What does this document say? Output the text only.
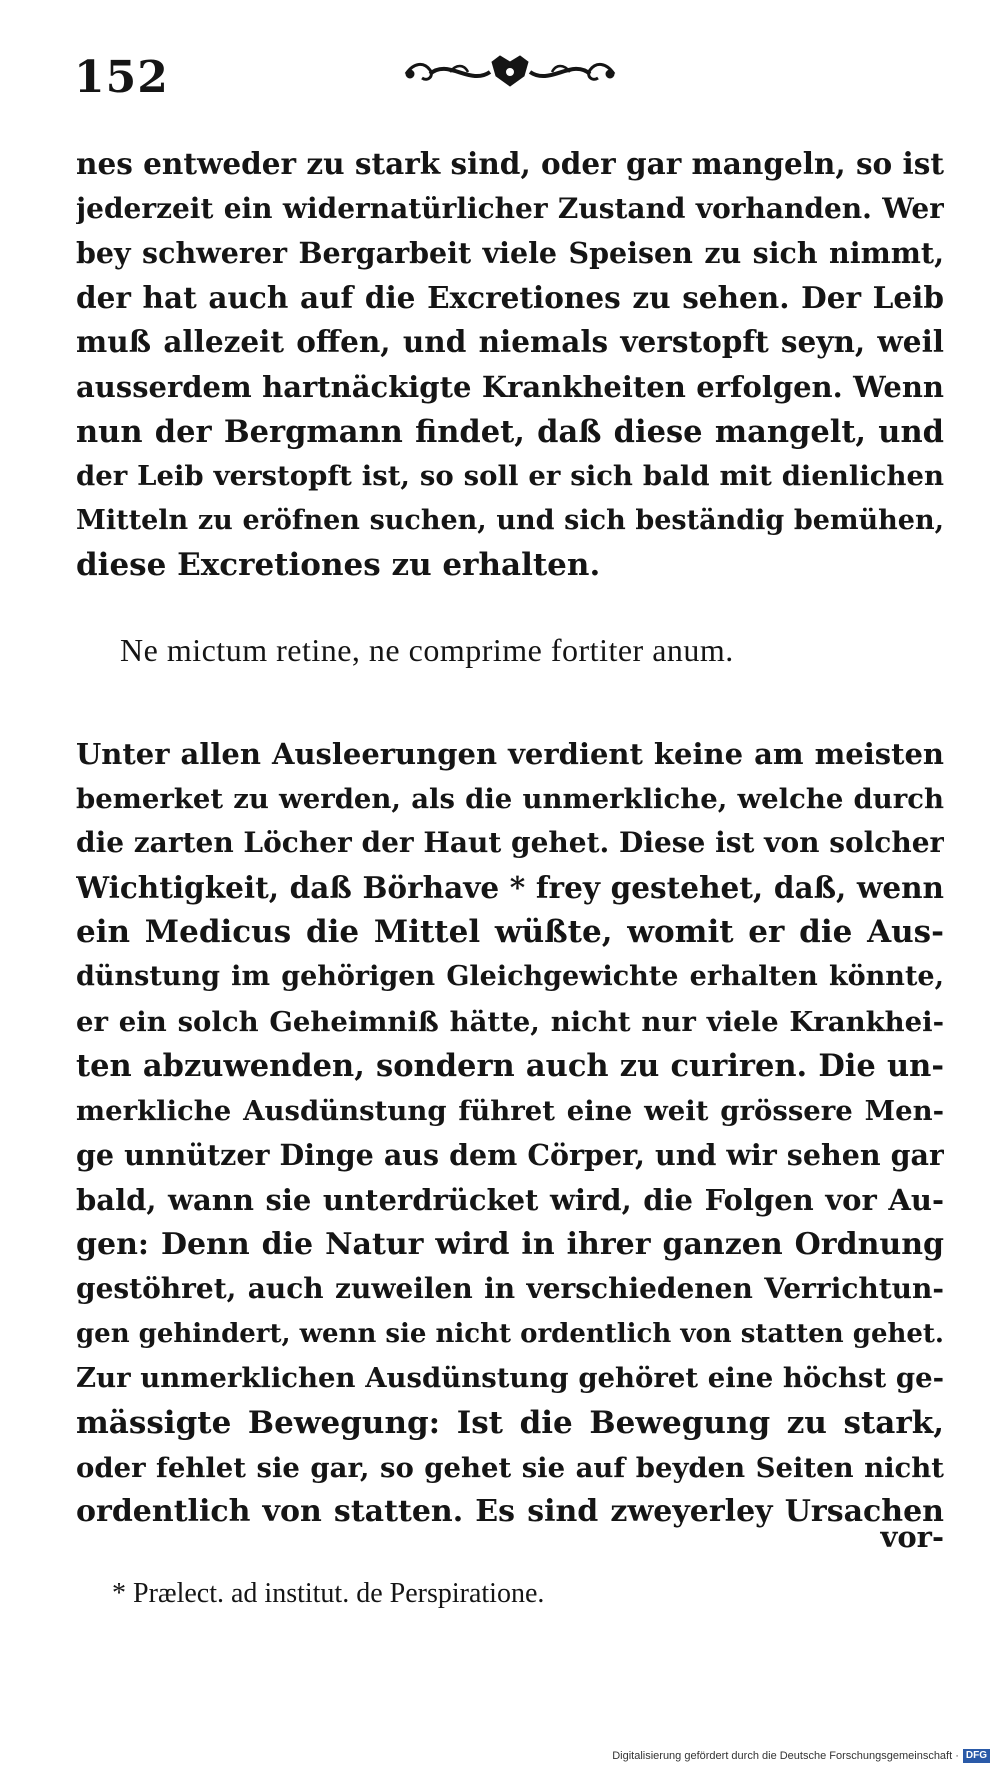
152
nes entweder zu stark sind, oder gar mangeln, so ist
jederzeit ein widernatürlicher Zustand vorhanden. Wer
bey schwerer Bergarbeit viele Speisen zu sich nimmt,
der hat auch auf die Excretiones zu sehen. Der Leib
muß allezeit offen, und niemals verstopft seyn, weil
ausserdem hartnäckigte Krankheiten erfolgen. Wenn
nun der Bergmann findet, daß diese mangelt, und
der Leib verstopft ist, so soll er sich bald mit dienlichen
Mitteln zu eröfnen suchen, und sich beständig bemühen,
diese Excretiones zu erhalten.
Ne mictum retine, ne comprime fortiter anum.
Unter allen Ausleerungen verdient keine am meisten
bemerket zu werden, als die unmerkliche, welche durch
die zarten Löcher der Haut gehet. Diese ist von solcher
Wichtigkeit, daß Börhave * frey gestehet, daß, wenn
ein Medicus die Mittel wüßte, womit er die Aus-
dünstung im gehörigen Gleichgewichte erhalten könnte,
er ein solch Geheimniß hätte, nicht nur viele Krankhei-
ten abzuwenden, sondern auch zu curiren. Die un-
merkliche Ausdünstung führet eine weit grössere Men-
ge unnützer Dinge aus dem Cörper, und wir sehen gar
bald, wann sie unterdrücket wird, die Folgen vor Au-
gen: Denn die Natur wird in ihrer ganzen Ordnung
gestöhret, auch zuweilen in verschiedenen Verrichtun-
gen gehindert, wenn sie nicht ordentlich von statten gehet.
Zur unmerklichen Ausdünstung gehöret eine höchst ge-
mässigte Bewegung: Ist die Bewegung zu stark,
oder fehlet sie gar, so gehet sie auf beyden Seiten nicht
ordentlich von statten. Es sind zweyerley Ursachen
vor-
* Prælect. ad institut. de Perspiratione.
Digitalisierung gefördert durch die Deutsche Forschungsgemeinschaft · DFG
